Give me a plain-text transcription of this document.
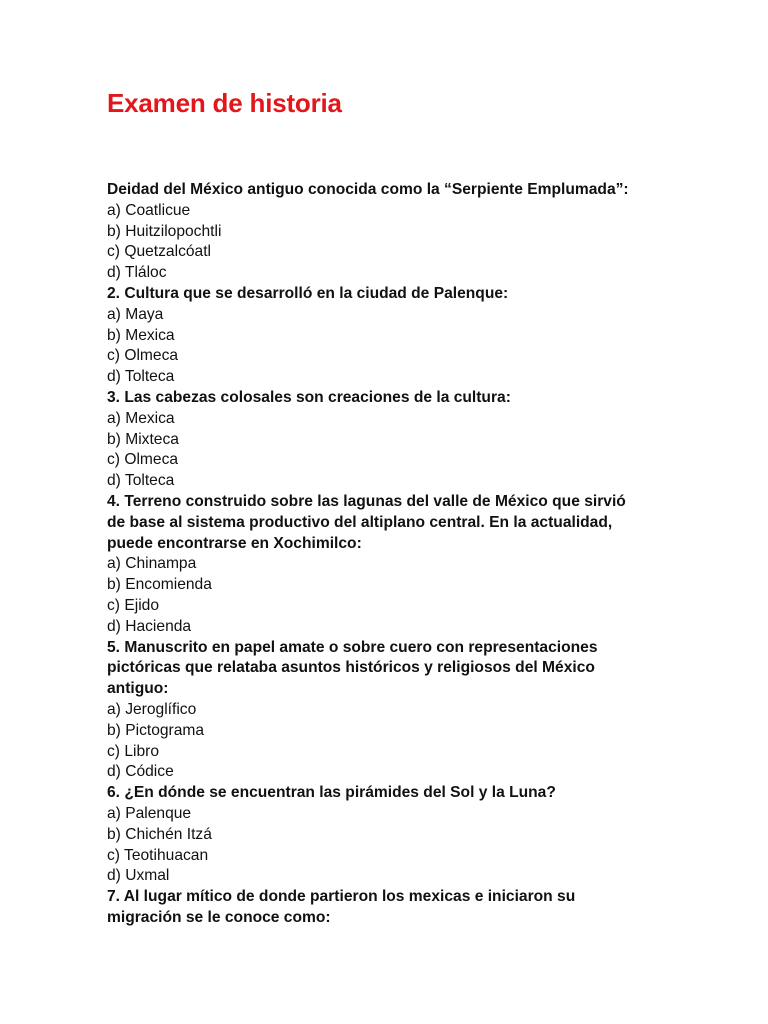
Examen de historia
Deidad del México antiguo conocida como la “Serpiente Emplumada”:
a) Coatlicue
b) Huitzilopochtli
c) Quetzalcóatl
d) Tláloc
2. Cultura que se desarrolló en la ciudad de Palenque:
a) Maya
b) Mexica
c) Olmeca
d) Tolteca
3. Las cabezas colosales son creaciones de la cultura:
a) Mexica
b) Mixteca
c) Olmeca
d) Tolteca
4. Terreno construido sobre las lagunas del valle de México que sirvió
de base al sistema productivo del altiplano central. En la actualidad,
puede encontrarse en Xochimilco:
a) Chinampa
b) Encomienda
c) Ejido
d) Hacienda
5. Manuscrito en papel amate o sobre cuero con representaciones
pictóricas que relataba asuntos históricos y religiosos del México
antiguo:
a) Jeroglífico
b) Pictograma
c) Libro
d) Códice
6. ¿En dónde se encuentran las pirámides del Sol y la Luna?
a) Palenque
b) Chichén Itzá
c) Teotihuacan
d) Uxmal
7. Al lugar mítico de donde partieron los mexicas e iniciaron su
migración se le conoce como:
